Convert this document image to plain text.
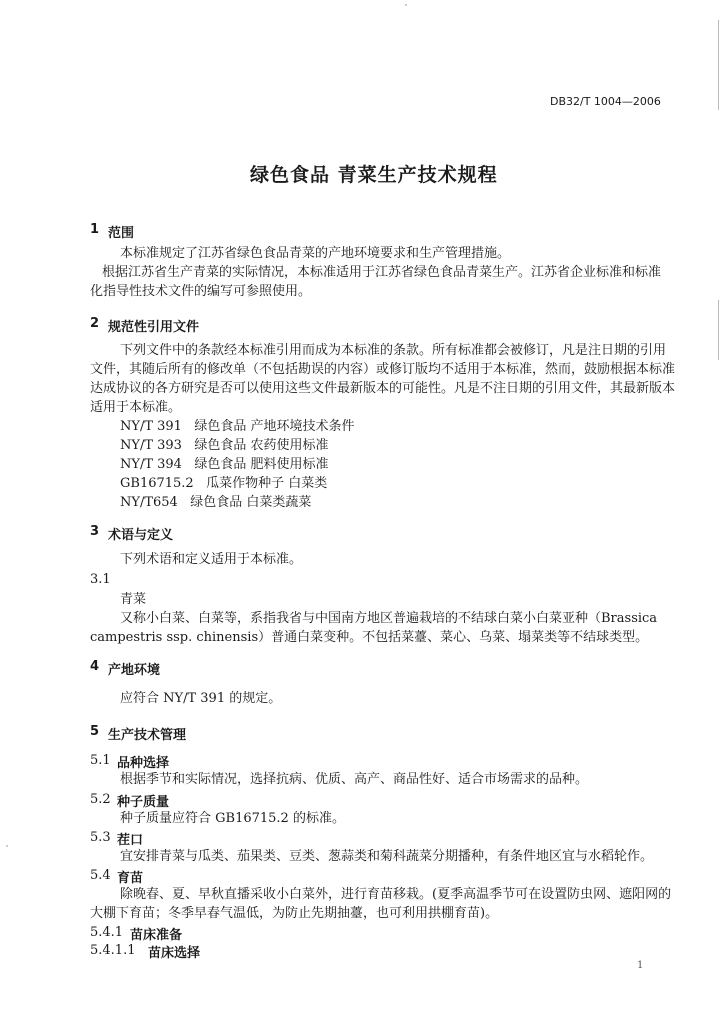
DB32/T 1004—2006
绿色食品 青菜生产技术规程
1 范围
本标准规定了江苏省绿色食品青菜的产地环境要求和生产管理措施。
根据江苏省生产青菜的实际情况，本标准适用于江苏省绿色食品青菜生产。江苏省企业标准和标准
化指导性技术文件的编写可参照使用。
2 规范性引用文件
下列文件中的条款经本标准引用而成为本标准的条款。所有标准都会被修订，凡是注日期的引用
文件，其随后所有的修改单（不包括勘误的内容）或修订版均不适用于本标准，然而，鼓励根据本标准
达成协议的各方研究是否可以使用这些文件最新版本的可能性。凡是不注日期的引用文件，其最新版本
适用于本标准。
NY/T 391   绿色食品 产地环境技术条件
NY/T 393   绿色食品 农药使用标准
NY/T 394   绿色食品 肥料使用标准
GB16715.2   瓜菜作物种子 白菜类
NY/T654   绿色食品 白菜类蔬菜
3 术语与定义
下列术语和定义适用于本标准。
3.1
青菜
又称小白菜、白菜等，系指我省与中国南方地区普遍栽培的不结球白菜小白菜亚种（Brassica
campestris ssp. chinensis）普通白菜变种。不包括菜薹、菜心、乌菜、塌菜类等不结球类型。
4 产地环境
应符合 NY/T 391 的规定。
5 生产技术管理
5.1 品种选择
根据季节和实际情况，选择抗病、优质、高产、商品性好、适合市场需求的品种。
5.2 种子质量
种子质量应符合 GB16715.2 的标准。
5.3 茬口
宜安排青菜与瓜类、茄果类、豆类、葱蒜类和菊科蔬菜分期播种，有条件地区宜与水稻轮作。
5.4 育苗
除晚春、夏、早秋直播采收小白菜外，进行育苗移栽。(夏季高温季节可在设置防虫网、遮阳网的
大棚下育苗；冬季早春气温低，为防止先期抽薹，也可利用拱棚育苗)。
5.4.1 苗床准备
5.4.1.1 苗床选择
1
